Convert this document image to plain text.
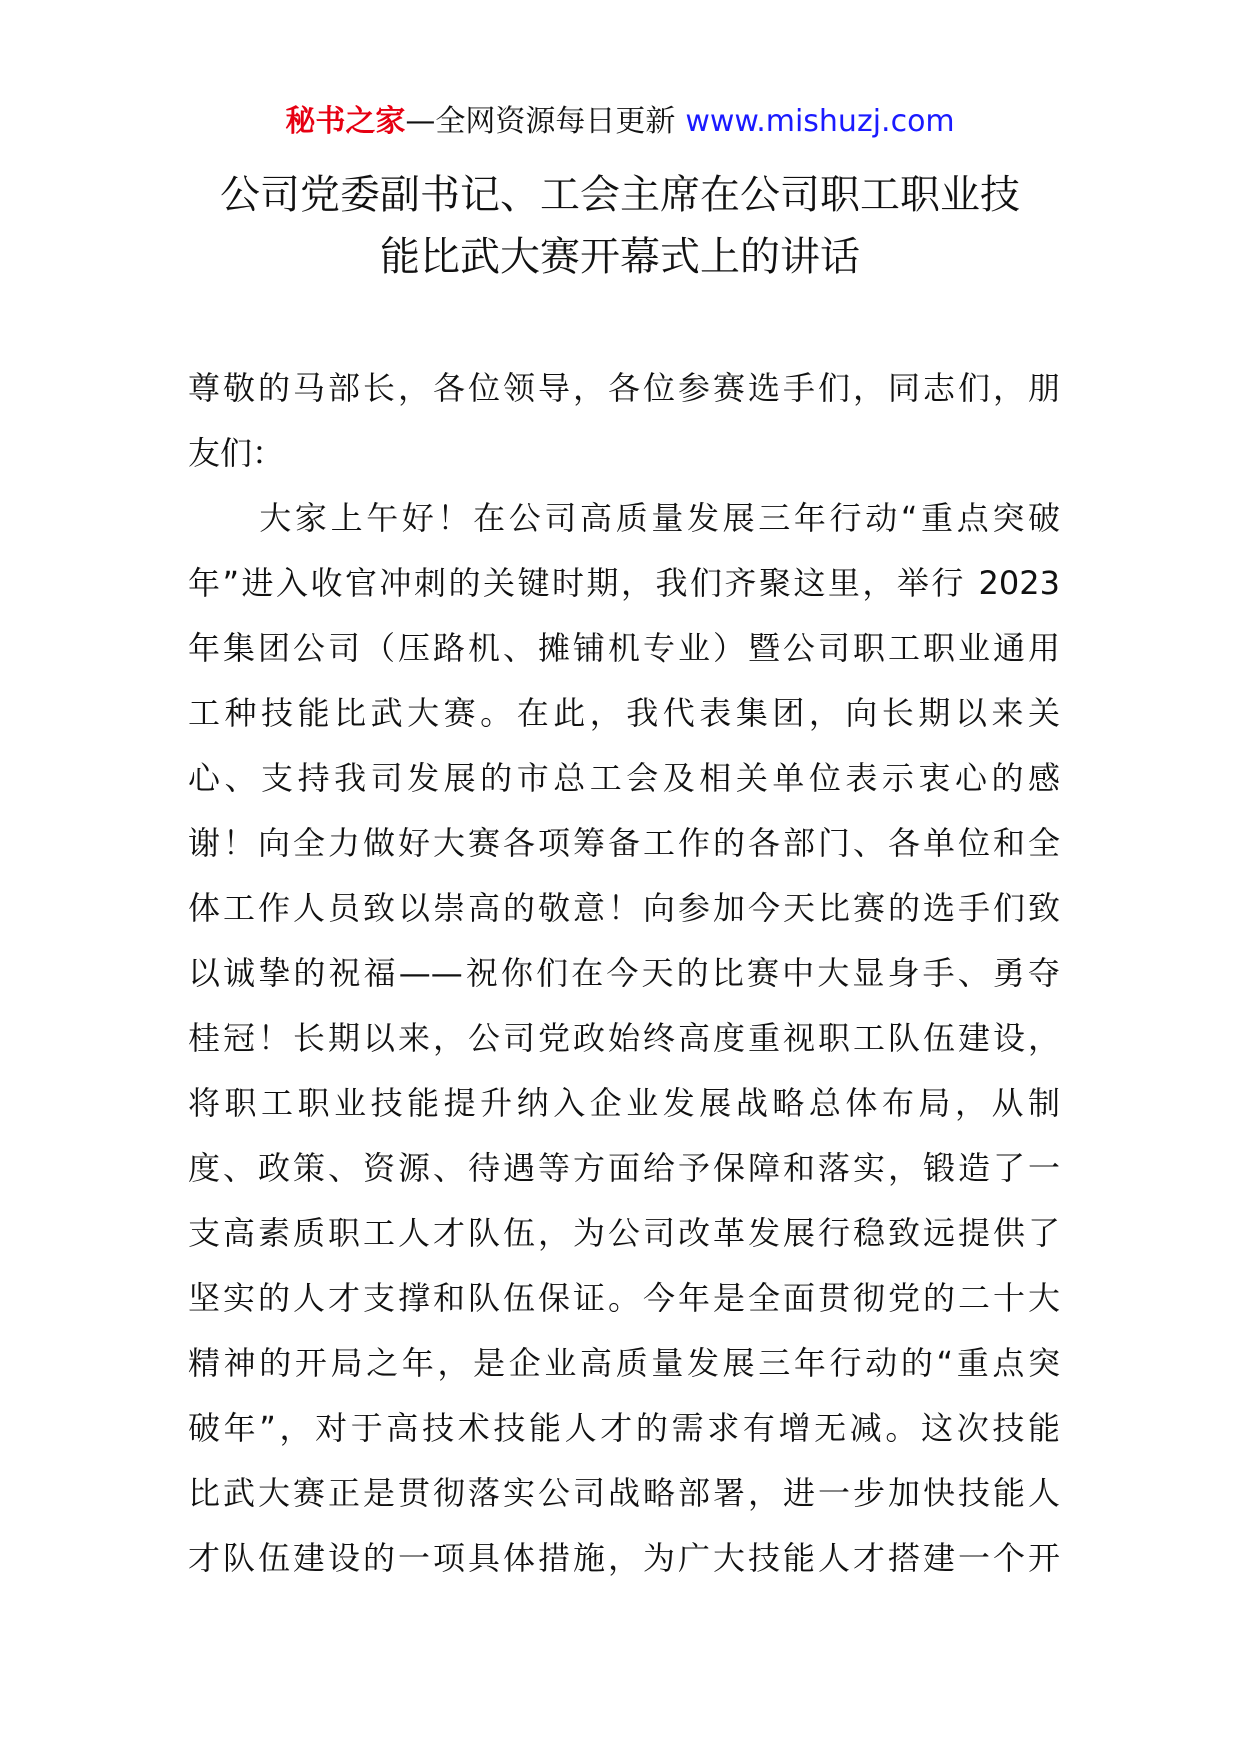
秘书之家—全网资源每日更新 www.mishuzj.com
公司党委副书记、工会主席在公司职工职业技
能比武大赛开幕式上的讲话
尊敬的马部长，各位领导，各位参赛选手们，同志们，朋
友们：
　　大家上午好！在公司高质量发展三年行动“重点突破
年”进入收官冲刺的关键时期，我们齐聚这里，举行 2023
年集团公司（压路机、摊铺机专业）暨公司职工职业通用
工种技能比武大赛。在此，我代表集团，向长期以来关
心、支持我司发展的市总工会及相关单位表示衷心的感
谢！向全力做好大赛各项筹备工作的各部门、各单位和全
体工作人员致以崇高的敬意！向参加今天比赛的选手们致
以诚挚的祝福——祝你们在今天的比赛中大显身手、勇夺
桂冠！长期以来，公司党政始终高度重视职工队伍建设，
将职工职业技能提升纳入企业发展战略总体布局，从制
度、政策、资源、待遇等方面给予保障和落实，锻造了一
支高素质职工人才队伍，为公司改革发展行稳致远提供了
坚实的人才支撑和队伍保证。今年是全面贯彻党的二十大
精神的开局之年，是企业高质量发展三年行动的“重点突
破年”，对于高技术技能人才的需求有增无减。这次技能
比武大赛正是贯彻落实公司战略部署，进一步加快技能人
才队伍建设的一项具体措施，为广大技能人才搭建一个开
